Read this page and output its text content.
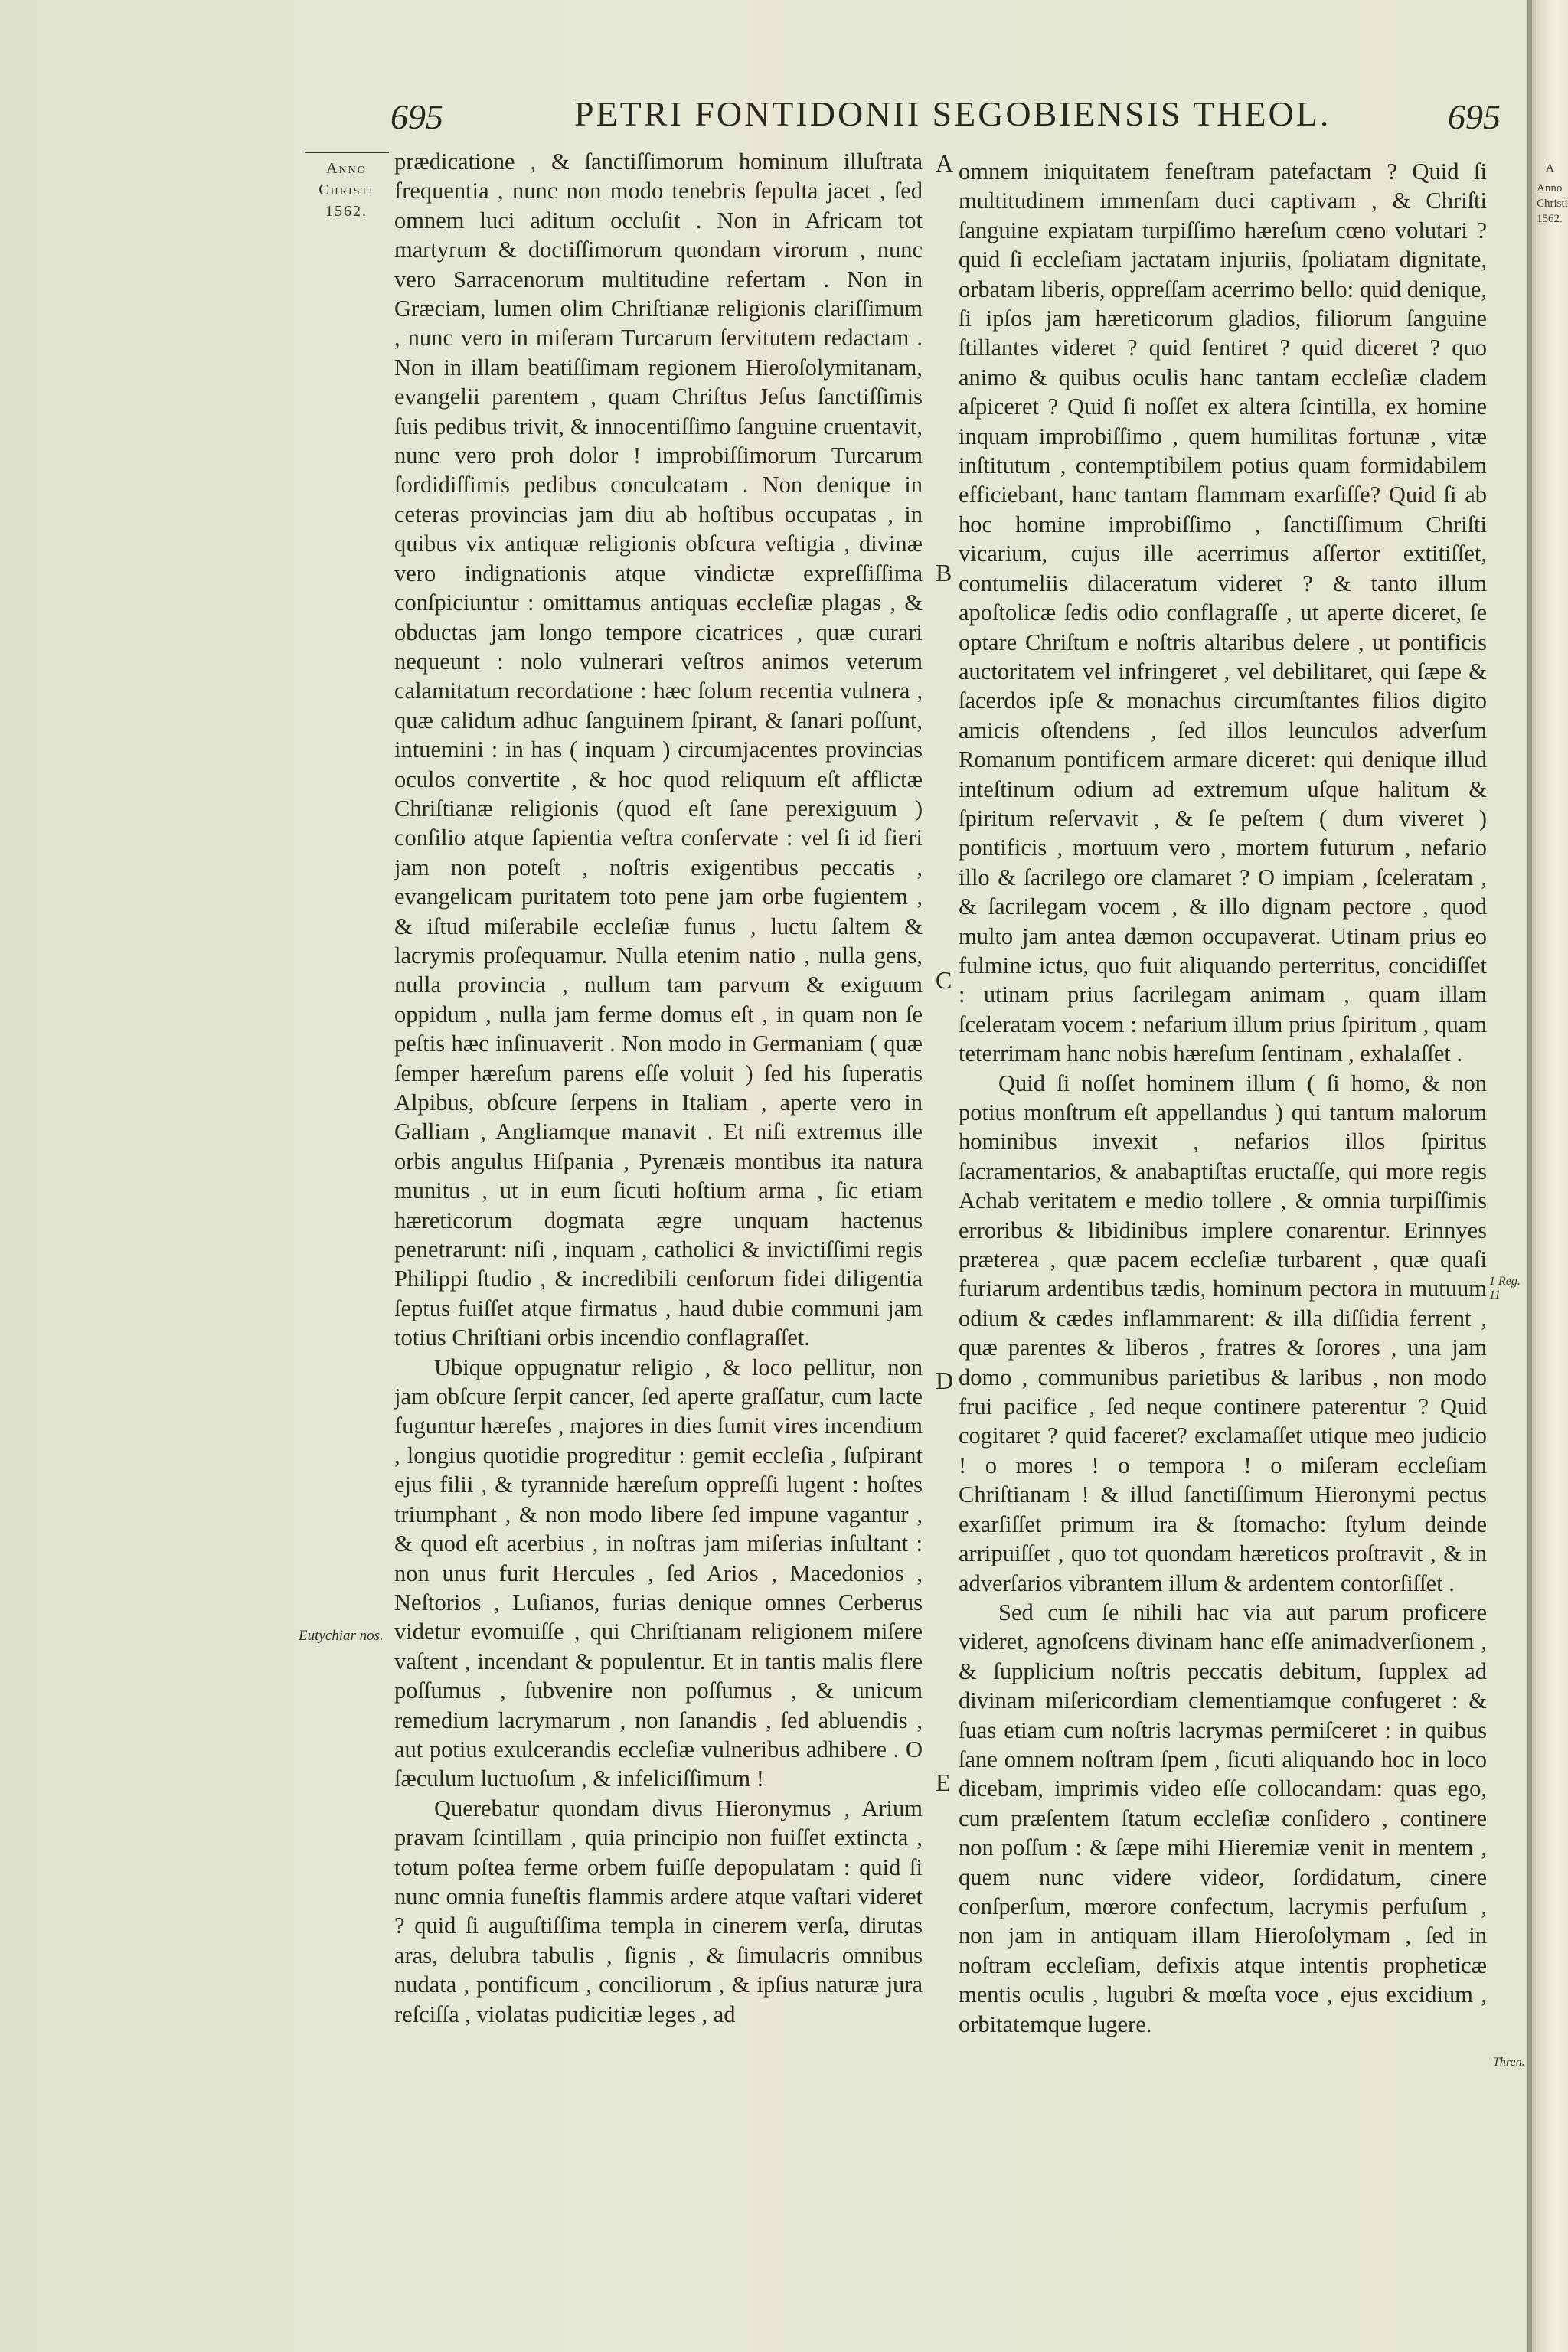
695	PETRI FONTIDONII SEGOBIENSIS THEOL.	695
Anno
Christi
1562.
Eutychiar nos.

prædicatione , & ſanctiſſimorum hominum illuſtrata frequentia , nunc non modo tenebris ſepulta jacet , ſed omnem luci aditum occluſit . Non in Africam tot martyrum & doctiſſimorum quondam virorum , nunc vero Sarracenorum multitudine refertam . Non in Græciam, lumen olim Chriſtianæ religionis clariſſimum , nunc vero in miſeram Turcarum ſervitutem redactam . Non in illam beatiſſimam regionem Hieroſolymitanam, evangelii parentem , quam Chriſtus Jeſus ſanctiſſimis ſuis pedibus trivit, & innocentiſſimo ſanguine cruentavit, nunc vero proh dolor ! improbiſſimorum Turcarum ſordidiſſimis pedibus conculcatam . Non denique in ceteras provincias jam diu ab hoſtibus occupatas , in quibus vix antiquæ religionis obſcura veſtigia , divinæ vero indignationis atque vindictæ expreſſiſſima conſpiciuntur : omittamus antiquas eccleſiæ plagas , & obductas jam longo tempore cicatrices , quæ curari nequeunt : nolo vulnerari veſtros animos veterum calamitatum recordatione : hæc ſolum recentia vulnera , quæ calidum adhuc ſanguinem ſpirant, & ſanari poſſunt, intuemini : in has ( inquam ) circumjacentes provincias oculos convertite , & hoc quod reliquum eſt afflictæ Chriſtianæ religionis (quod eſt ſane perexiguum ) conſilio atque ſapientia veſtra conſervate : vel ſi id fieri jam non poteſt , noſtris exigentibus peccatis , evangelicam puritatem toto pene jam orbe fugientem , & iſtud miſerabile eccleſiæ funus , luctu ſaltem & lacrymis proſequamur. Nulla etenim natio , nulla gens, nulla provincia , nullum tam parvum & exiguum oppidum , nulla jam ferme domus eſt , in quam non ſe peſtis hæc inſinuaverit . Non modo in Germaniam ( quæ ſemper hæreſum parens eſſe voluit ) ſed his ſuperatis Alpibus, obſcure ſerpens in Italiam , aperte vero in Galliam , Angliamque manavit . Et niſi extremus ille orbis angulus Hiſpania , Pyrenæis montibus ita natura munitus , ut in eum ſicuti hoſtium arma , ſic etiam hæreticorum dogmata ægre unquam hactenus penetrarunt: niſi , inquam , catholici & invictiſſimi regis Philippi ſtudio , & incredibili cenſorum fidei diligentia ſeptus fuiſſet atque firmatus , haud dubie communi jam totius Chriſtiani orbis incendio conflagraſſet.

Ubique oppugnatur religio , & loco pellitur, non jam obſcure ſerpit cancer, ſed aperte graſſatur, cum lacte fuguntur hæreſes , majores in dies ſumit vires incendium , longius quotidie progreditur : gemit eccleſia , ſuſpirant ejus filii , & tyrannide hæreſum oppreſſi lugent : hoſtes triumphant , & non modo libere ſed impune vagantur , & quod eſt acerbius , in noſtras jam miſerias inſultant : non unus furit Hercules , ſed Arios , Macedonios , Neſtorios , Luſianos, furias denique omnes Cerberus videtur evomuiſſe , qui Chriſtianam religionem miſere vaſtent , incendant & populentur. Et in tantis malis flere poſſumus , ſubvenire non poſſumus , & unicum remedium lacrymarum , non ſanandis , ſed abluendis , aut potius exulcerandis eccleſiæ vulneribus adhibere . O ſæculum luctuoſum , & infeliciſſimum !

Querebatur quondam divus Hieronymus , Arium pravam ſcintillam , quia principio non fuiſſet extincta , totum poſtea ferme orbem fuiſſe depopulatam : quid ſi nunc omnia funeſtis flammis ardere atque vaſtari videret ? quid ſi auguſtiſſima templa in cinerem verſa, dirutas aras, delubra tabulis , ſignis , & ſimulacris omnibus nudata , pontificum , conciliorum , & ipſius naturæ jura reſciſſa , violatas pudicitiæ leges , ad

A
B
C
D
E

omnem iniquitatem feneſtram patefactam ? Quid ſi multitudinem immenſam duci captivam , & Chriſti ſanguine expiatam turpiſſimo hæreſum cœno volutari ? quid ſi eccleſiam jactatam injuriis, ſpoliatam dignitate, orbatam liberis, oppreſſam acerrimo bello: quid denique, ſi ipſos jam hæreticorum gladios, filiorum ſanguine ſtillantes videret ? quid ſentiret ? quid diceret ? quo animo & quibus oculis hanc tantam eccleſiæ cladem aſpiceret ? Quid ſi noſſet ex altera ſcintilla, ex homine inquam improbiſſimo , quem humilitas fortunæ , vitæ inſtitutum , contemptibilem potius quam formidabilem efficiebant, hanc tantam flammam exarſiſſe? Quid ſi ab hoc homine improbiſſimo , ſanctiſſimum Chriſti vicarium, cujus ille acerrimus aſſertor extitiſſet, contumeliis dilaceratum videret ? & tanto illum apoſtolicæ ſedis odio conflagraſſe , ut aperte diceret, ſe optare Chriſtum e noſtris altaribus delere , ut pontificis auctoritatem vel infringeret , vel debilitaret, qui ſæpe & ſacerdos ipſe & monachus circumſtantes filios digito amicis oſtendens , ſed illos leunculos adverſum Romanum pontificem armare diceret: qui denique illud inteſtinum odium ad extremum uſque halitum & ſpiritum reſervavit , & ſe peſtem ( dum viveret ) pontificis , mortuum vero , mortem futurum , nefario illo & ſacrilego ore clamaret ? O impiam , ſceleratam , & ſacrilegam vocem , & illo dignam pectore , quod multo jam antea dæmon occupaverat. Utinam prius eo fulmine ictus, quo fuit aliquando perterritus, concidiſſet : utinam prius ſacrilegam animam , quam illam ſceleratam vocem : nefarium illum prius ſpiritum , quam teterrimam hanc nobis hæreſum ſentinam , exhalaſſet .

Quid ſi noſſet hominem illum ( ſi homo, & non potius monſtrum eſt appellandus ) qui tantum malorum hominibus invexit , nefarios illos ſpiritus ſacramentarios, & anabaptiſtas eructaſſe, qui more regis Achab veritatem e medio tollere , & omnia turpiſſimis erroribus & libidinibus implere conarentur. Erinnyes præterea , quæ pacem eccleſiæ turbarent , quæ quaſi furiarum ardentibus tædis, hominum pectora in mutuum odium & cædes inflammarent: & illa diſſidia ferrent , quæ parentes & liberos , fratres & ſorores , una jam domo , communibus parietibus & laribus , non modo frui pacifice , ſed neque continere paterentur ? Quid cogitaret ? quid faceret? exclamaſſet utique meo judicio ! o mores ! o tempora ! o miſeram eccleſiam Chriſtianam ! & illud ſanctiſſimum Hieronymi pectus exarſiſſet primum ira & ſtomacho: ſtylum deinde arripuiſſet , quo tot quondam hæreticos proſtravit , & in adverſarios vibrantem illum & ardentem contorſiſſet .

Sed cum ſe nihili hac via aut parum proficere videret, agnoſcens divinam hanc eſſe animadverſionem , & ſupplicium noſtris peccatis debitum, ſupplex ad divinam miſericordiam clementiamque confugeret : & ſuas etiam cum noſtris lacrymas permiſceret : in quibus ſane omnem noſtram ſpem , ſicuti aliquando hoc in loco dicebam, imprimis video eſſe collocandam: quas ego, cum præſentem ſtatum eccleſiæ conſidero , continere non poſſum : & ſæpe mihi Hieremiæ venit in mentem , quem nunc videre videor, ſordidatum, cinere conſperſum, mœrore confectum, lacrymis perfuſum , non jam in antiquam illam Hieroſolymam , ſed in noſtram eccleſiam, defixis atque intentis propheticæ mentis oculis , lugubri & mœſta voce , ejus excidium , orbitatemque lugere.

1 Reg. 11
Thren.
A
Anno
Christi
1562.
